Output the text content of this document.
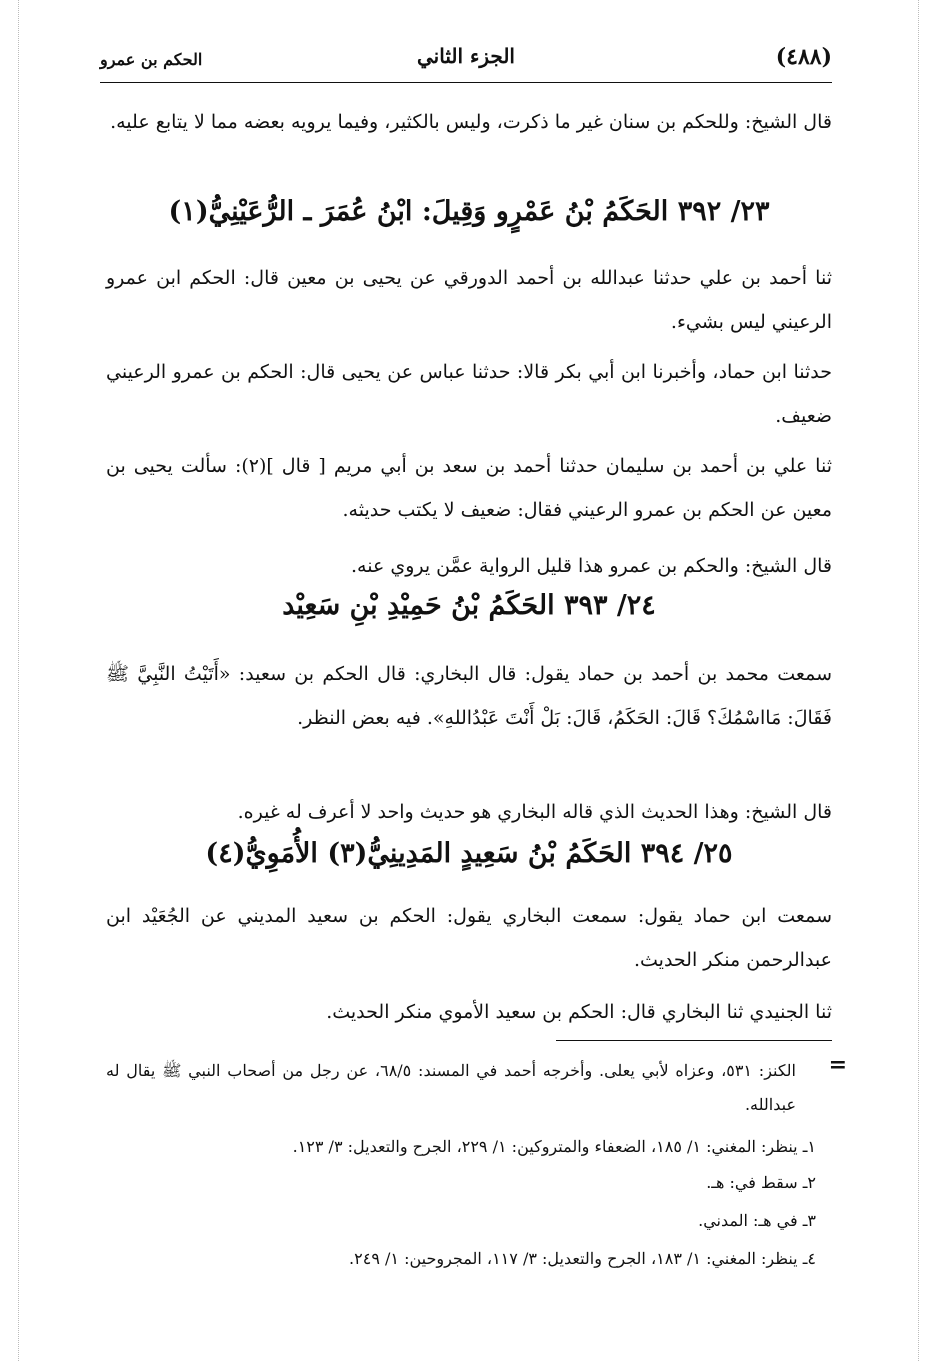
(٤٨٨)
الجزء الثاني
الحكم بن عمرو
قال الشيخ: وللحكم بن سنان غير ما ذكرت، وليس بالكثير، وفيما يرويه بعضه مما لا يتابع عليه.
٢٣/ ٣٩٢ الحَكَمُ بْنُ عَمْرٍو وَقِيلَ: ابْنُ عُمَرَ ـ الرُّعَيْنِيُّ(١)
ثنا أحمد بن علي حدثنا عبدالله بن أحمد الدورقي عن يحيى بن معين قال: الحكم ابن عمرو الرعيني ليس بشيء.
حدثنا ابن حماد، وأخبرنا ابن أبي بكر قالا: حدثنا عباس عن يحيى قال: الحكم بن عمرو الرعيني ضعيف.
ثنا علي بن أحمد بن سليمان حدثنا أحمد بن سعد بن أبي مريم [ قال ](٢): سألت يحيى بن معين عن الحكم بن عمرو الرعيني فقال: ضعيف لا يكتب حديثه.
قال الشيخ: والحكم بن عمرو هذا قليل الرواية عمَّن يروي عنه.
٢٤/ ٣٩٣ الحَكَمُ بْنُ حَمِيْدِ بْنِ سَعِيْد
سمعت محمد بن أحمد بن حماد يقول: قال البخاري: قال الحكم بن سعيد: «أَتَيْتُ النَّبِيَّ ﷺ فَقَالَ: مَااسْمُكَ؟ قَالَ: الحَكَمُ، قَالَ: بَلْ أَنْتَ عَبْدُاللهِ». فيه بعض النظر.
قال الشيخ: وهذا الحديث الذي قاله البخاري هو حديث واحد لا أعرف له غيره.
٢٥/ ٣٩٤ الحَكَمُ بْنُ سَعِيدٍ المَدِينِيُّ(٣) الأُمَوِيُّ(٤)
سمعت ابن حماد يقول: سمعت البخاري يقول: الحكم بن سعيد المديني عن الجُعَيْد ابن عبدالرحمن منكر الحديث.
ثنا الجنيدي ثنا البخاري قال: الحكم بن سعيد الأموي منكر الحديث.
=
الكنز: ٥٣١، وعزاه لأبي يعلى. وأخرجه أحمد في المسند: ٦٨/٥، عن رجل من أصحاب النبي ﷺ يقال له عبدالله.
١ـ ينظر: المغني: ١/ ١٨٥، الضعفاء والمتروكين: ١/ ٢٢٩، الجرح والتعديل: ٣/ ١٢٣.
٢ـ سقط في: هـ.
٣ـ في هـ: المدني.
٤ـ ينظر: المغني: ١/ ١٨٣، الجرح والتعديل: ٣/ ١١٧، المجروحين: ١/ ٢٤٩.
